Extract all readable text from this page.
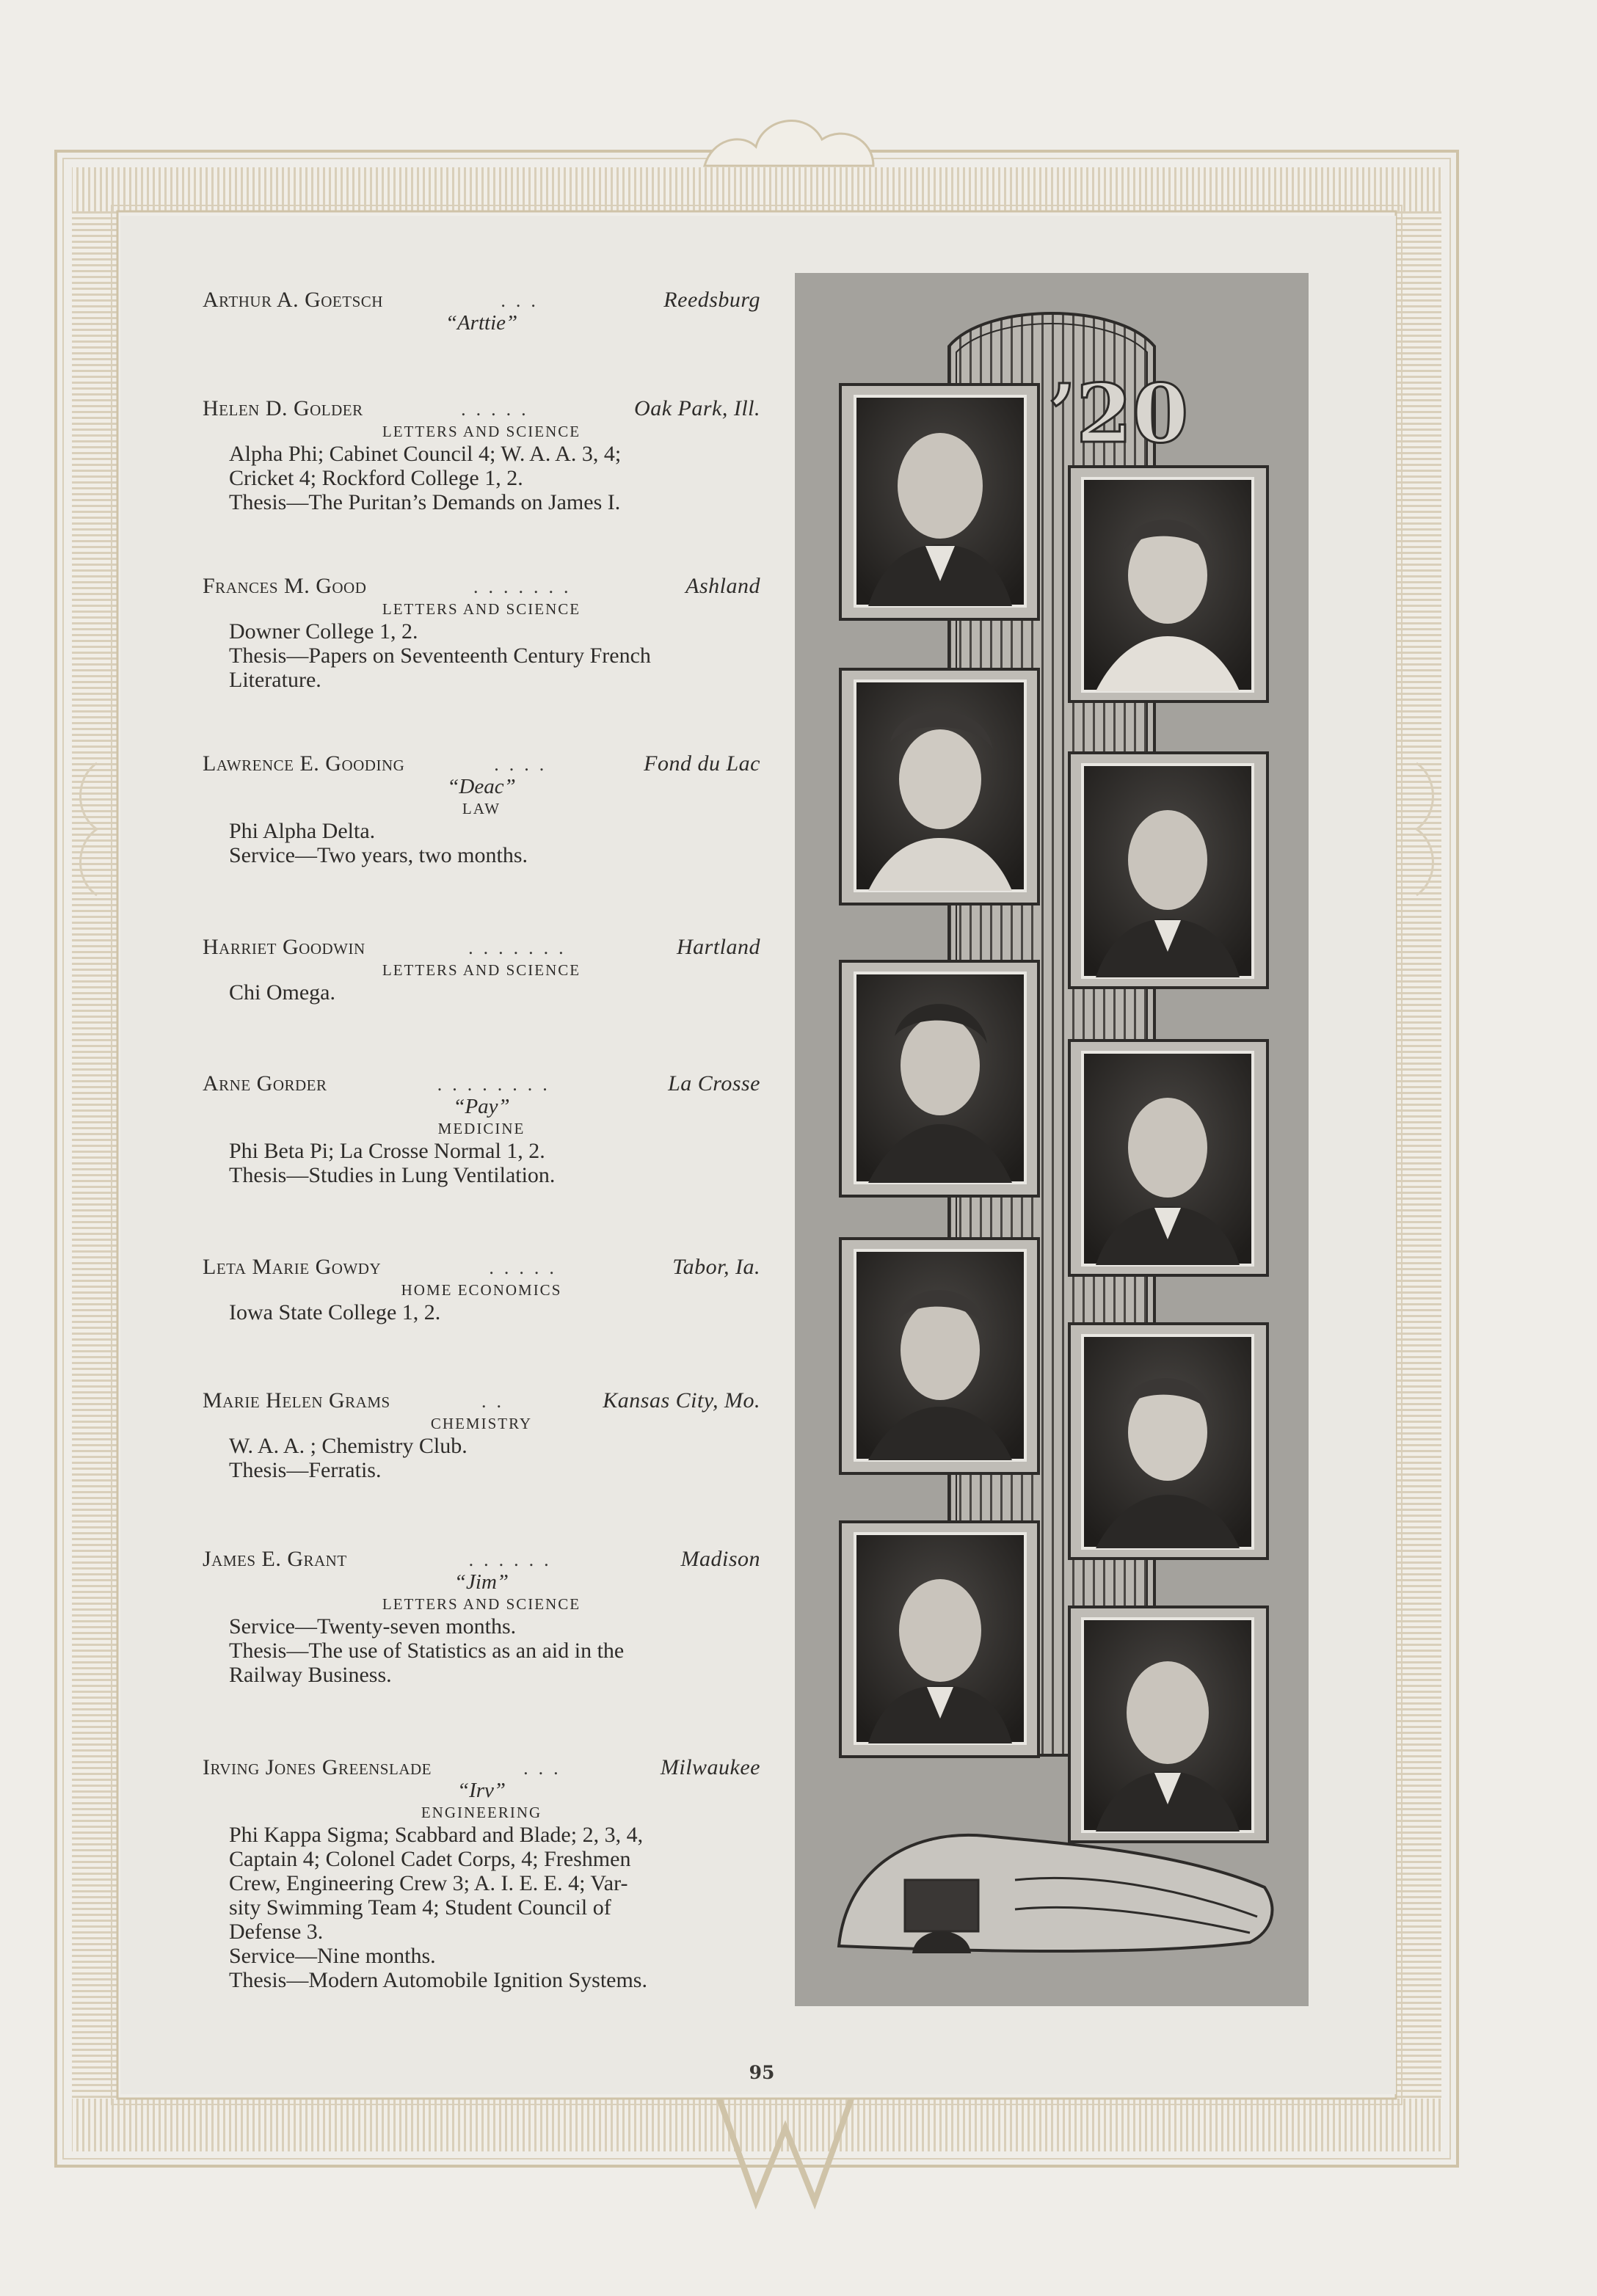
Arthur A. Goetsch	...	Reedsburg
“Arttie”
Helen D. Golder	.....	Oak Park, Ill.
LETTERS AND SCIENCE
Alpha Phi; Cabinet Council 4; W. A. A. 3, 4;
Cricket 4; Rockford College 1, 2.
Thesis—The Puritan’s Demands on James I.
Frances M. Good	.......	Ashland
LETTERS AND SCIENCE
Downer College 1, 2.
Thesis—Papers on Seventeenth Century French
Literature.
Lawrence E. Gooding	....	Fond du Lac
“Deac”
LAW
Phi Alpha Delta.
Service—Two years, two months.
Harriet Goodwin	.......	Hartland
LETTERS AND SCIENCE
Chi Omega.
Arne Gorder	........	La Crosse
“Pay”
MEDICINE
Phi Beta Pi; La Crosse Normal 1, 2.
Thesis—Studies in Lung Ventilation.
Leta Marie Gowdy	.....	Tabor, Ia.
HOME ECONOMICS
Iowa State College 1, 2.
Marie Helen Grams	..	Kansas City, Mo.
CHEMISTRY
W. A. A. ; Chemistry Club.
Thesis—Ferratis.
James E. Grant	......	Madison
“Jim”
LETTERS AND SCIENCE
Service—Twenty-seven months.
Thesis—The use of Statistics as an aid in the
Railway Business.
Irving Jones Greenslade	...	Milwaukee
“Irv”
ENGINEERING
Phi Kappa Sigma; Scabbard and Blade; 2, 3, 4,
Captain 4; Colonel Cadet Corps, 4; Freshmen
Crew, Engineering Crew 3; A. I. E. E. 4; Var-
sity Swimming Team 4; Student Council of
Defense 3.
Service—Nine months.
Thesis—Modern Automobile Ignition Systems.
’20
95
